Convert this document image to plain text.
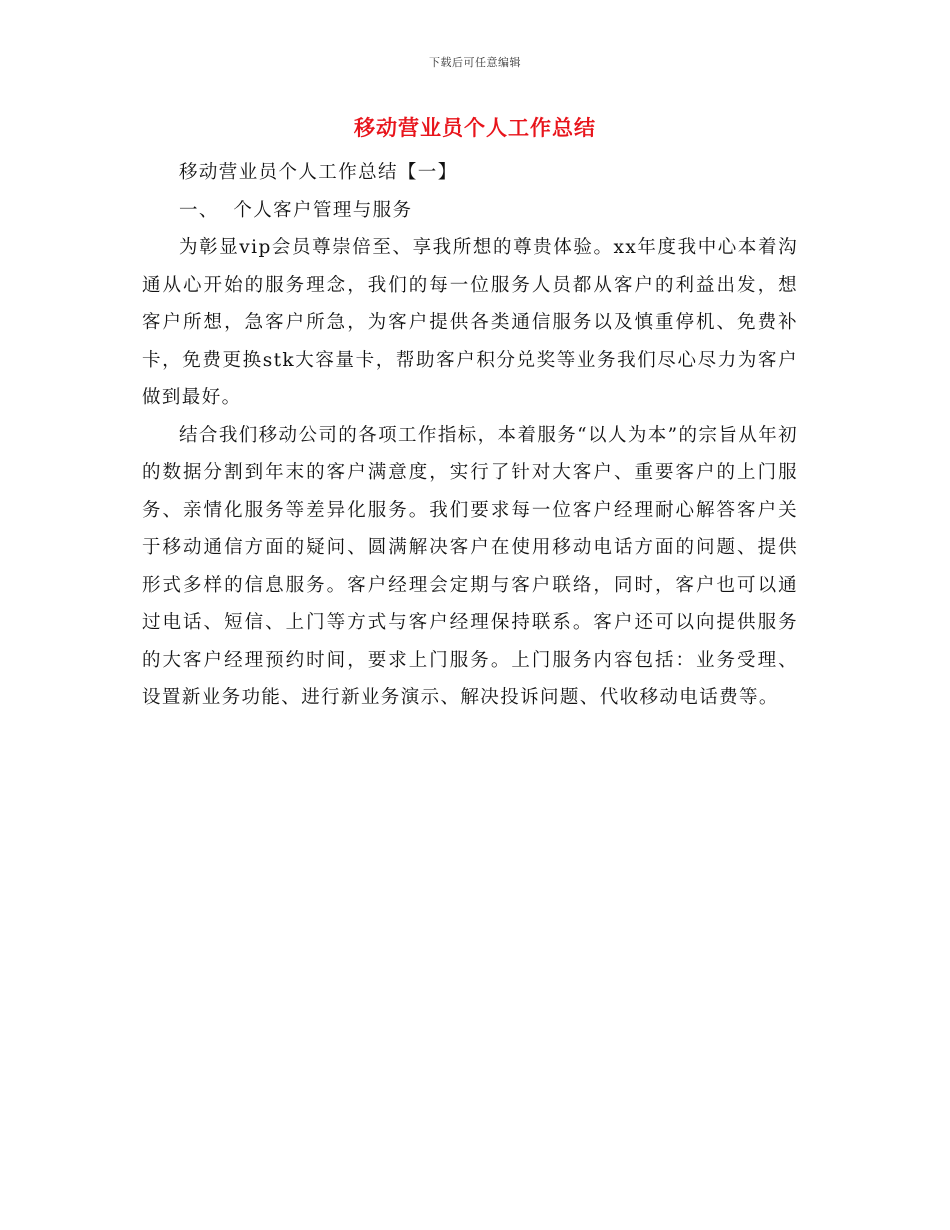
下载后可任意编辑
移动营业员个人工作总结

移动营业员个人工作总结【一】

一、  个人客户管理与服务

为彰显vip会员尊崇倍至、享我所想的尊贵体验。xx年度我中心本着沟通从心开始的服务理念，我们的每一位服务人员都从客户的利益出发，想客户所想，急客户所急，为客户提供各类通信服务以及慎重停机、免费补卡，免费更换stk大容量卡，帮助客户积分兑奖等业务我们尽心尽力为客户做到最好。

结合我们移动公司的各项工作指标，本着服务“以人为本”的宗旨从年初的数据分割到年末的客户满意度，实行了针对大客户、重要客户的上门服务、亲情化服务等差异化服务。我们要求每一位客户经理耐心解答客户关于移动通信方面的疑问、圆满解决客户在使用移动电话方面的问题、提供形式多样的信息服务。客户经理会定期与客户联络，同时，客户也可以通过电话、短信、上门等方式与客户经理保持联系。客户还可以向提供服务的大客户经理预约时间，要求上门服务。上门服务内容包括：业务受理、设置新业务功能、进行新业务演示、解决投诉问题、代收移动电话费等。
